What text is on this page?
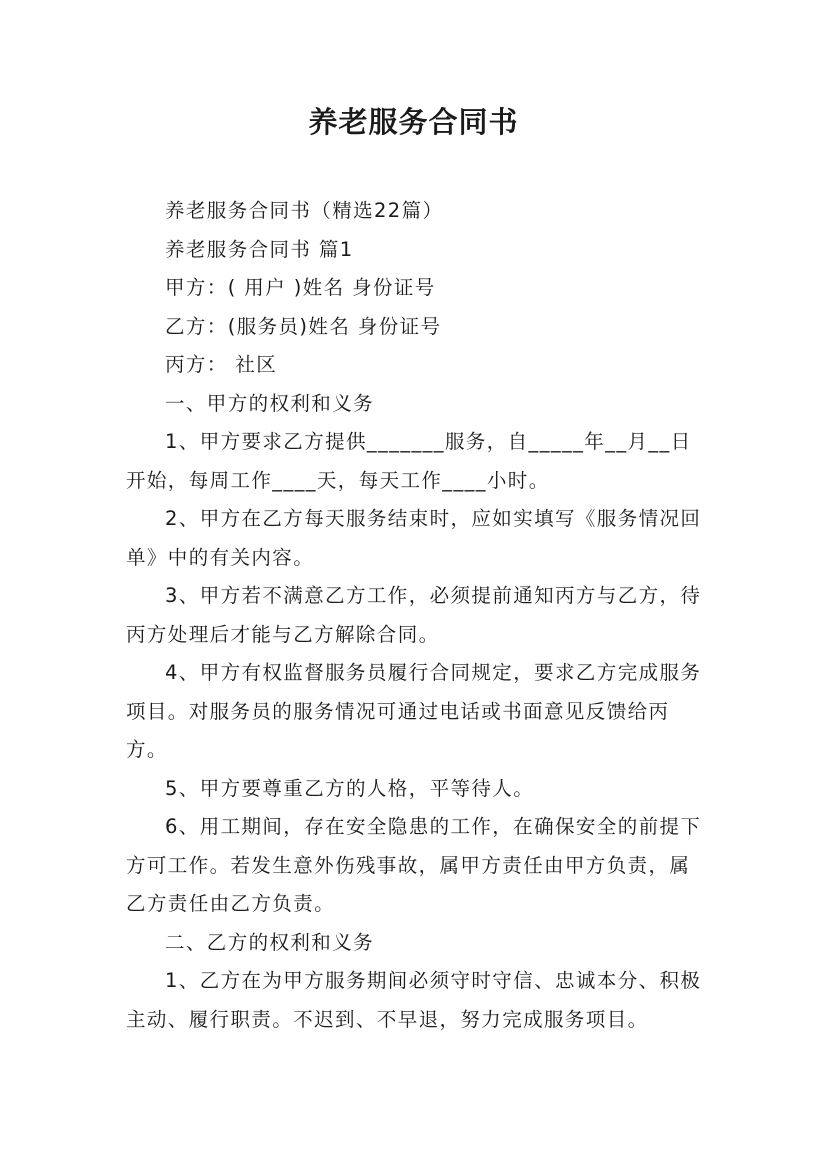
养老服务合同书

养老服务合同书（精选22篇）

养老服务合同书 篇1

甲方：( 用户 )姓名 身份证号

乙方：(服务员)姓名 身份证号

丙方： 社区

一、甲方的权利和义务

1、甲方要求乙方提供_______服务，自_____年__月__日开始，每周工作____天，每天工作____小时。

2、甲方在乙方每天服务结束时，应如实填写《服务情况回单》中的有关内容。

3、甲方若不满意乙方工作，必须提前通知丙方与乙方，待丙方处理后才能与乙方解除合同。

4、甲方有权监督服务员履行合同规定，要求乙方完成服务项目。对服务员的服务情况可通过电话或书面意见反馈给丙方。

5、甲方要尊重乙方的人格，平等待人。

6、用工期间，存在安全隐患的工作，在确保安全的前提下方可工作。若发生意外伤残事故，属甲方责任由甲方负责，属乙方责任由乙方负责。

二、乙方的权利和义务

1、乙方在为甲方服务期间必须守时守信、忠诚本分、积极主动、履行职责。不迟到、不早退，努力完成服务项目。
